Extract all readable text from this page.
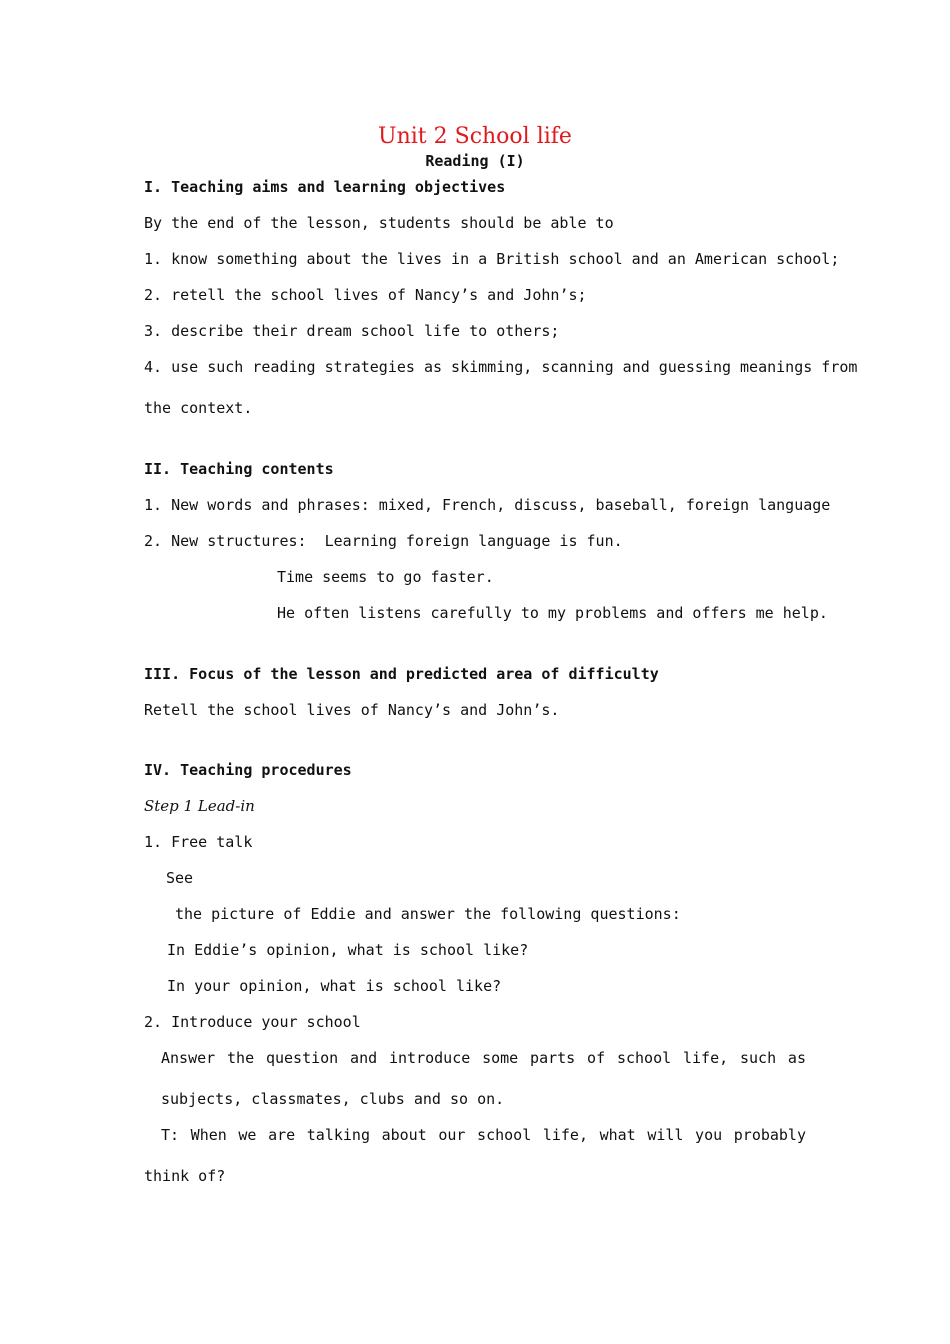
Unit 2 School life
Reading (I)
I. Teaching aims and learning objectives
By the end of the lesson, students should be able to
1. know something about the lives in a British school and an American school;
2. retell the school lives of Nancy’s and John’s;
3. describe their dream school life to others;
4. use such reading strategies as skimming, scanning and guessing meanings from
the context.
II. Teaching contents
1. New words and phrases: mixed, French, discuss, baseball, foreign language
2. New structures:  Learning foreign language is fun.
Time seems to go faster.
He often listens carefully to my problems and offers me help.
III. Focus of the lesson and predicted area of difficulty
Retell the school lives of Nancy’s and John’s.
IV. Teaching procedures
Step 1 Lead-in
1. Free talk
See
the picture of Eddie and answer the following questions:
In Eddie’s opinion, what is school like?
In your opinion, what is school like?
2. Introduce your school
Answer the question and introduce some parts of school life, such as
subjects, classmates, clubs and so on.
T: When we are talking about our school life, what will you probably
think of?
